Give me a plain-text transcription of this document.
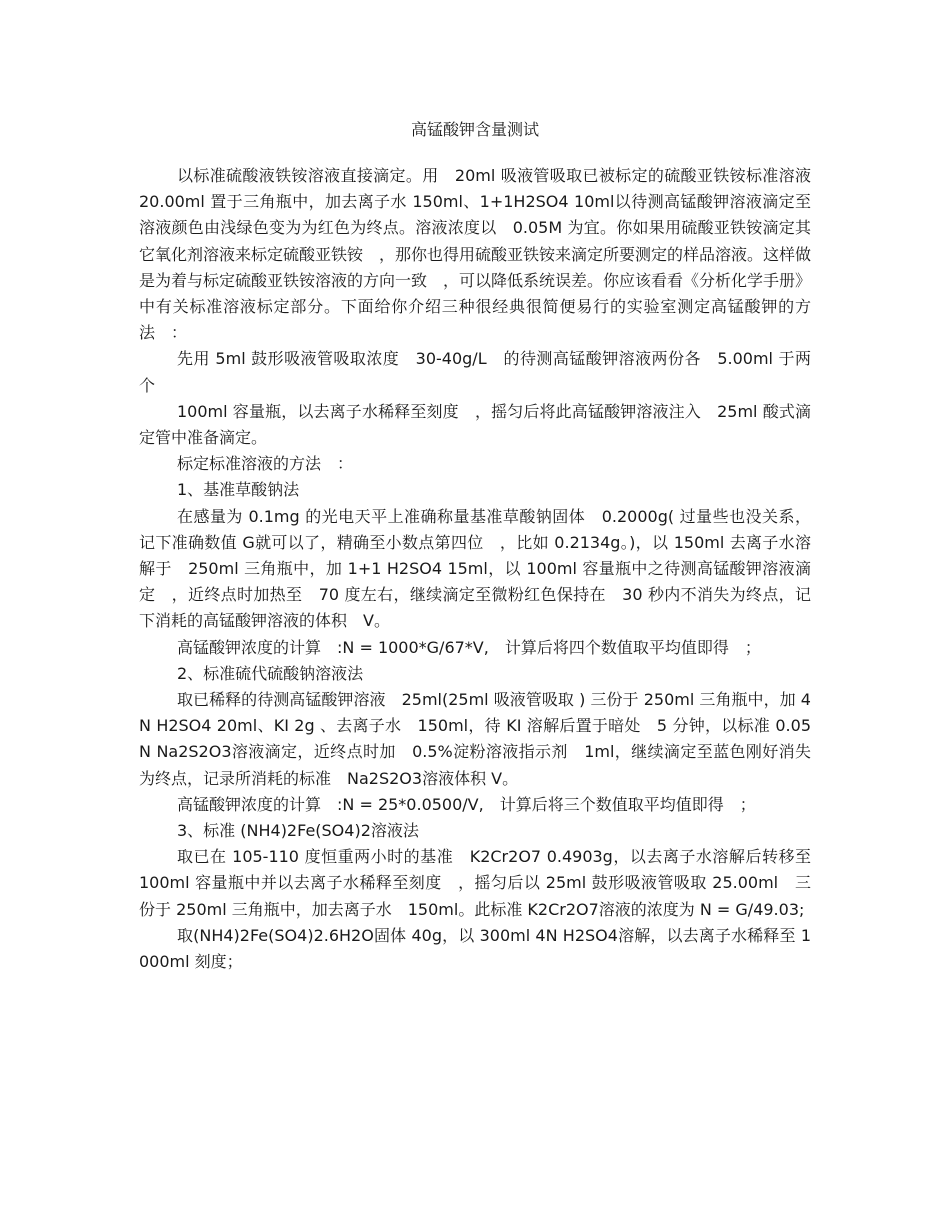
高锰酸钾含量测试

以标准硫酸液铁铵溶液直接滴定。用　20ml 吸液管吸取已被标定的硫酸亚铁铵标准溶液 20.00ml 置于三角瓶中，加去离子水 150ml、1+1H2SO4 10ml以待测高锰酸钾溶液滴定至溶液颜色由浅绿色变为为红色为终点。溶液浓度以　0.05M 为宜。你如果用硫酸亚铁铵滴定其它氧化剂溶液来标定硫酸亚铁铵　，那你也得用硫酸亚铁铵来滴定所要测定的样品溶液。这样做是为着与标定硫酸亚铁铵溶液的方向一致　，可以降低系统误差。你应该看看《分析化学手册》中有关标准溶液标定部分。下面给你介绍三种很经典很简便易行的实验室测定高锰酸钾的方法　：

先用 5ml 鼓形吸液管吸取浓度　30-40g/L　的待测高锰酸钾溶液两份各　5.00ml 于两个

100ml 容量瓶，以去离子水稀释至刻度　，摇匀后将此高锰酸钾溶液注入　25ml 酸式滴定管中准备滴定。

标定标准溶液的方法　：

1、基准草酸钠法

在感量为 0.1mg 的光电天平上准确称量基准草酸钠固体　0.2000g( 过量些也没关系，记下准确数值 G就可以了，精确至小数点第四位　，比如 0.2134g。)，以 150ml 去离子水溶解于　250ml 三角瓶中，加 1+1 H2SO4 15ml，以 100ml 容量瓶中之待测高锰酸钾溶液滴定　，近终点时加热至　70 度左右，继续滴定至微粉红色保持在　30 秒内不消失为终点，记下消耗的高锰酸钾溶液的体积　V。

高锰酸钾浓度的计算　:N = 1000*G/67*V,　计算后将四个数值取平均值即得　；

2、标准硫代硫酸钠溶液法

取已稀释的待测高锰酸钾溶液　25ml(25ml 吸液管吸取 ) 三份于 250ml 三角瓶中，加 4N H2SO4 20ml、KI 2g 、去离子水　150ml，待 KI 溶解后置于暗处　5 分钟，以标准 0.05N Na2S2O3溶液滴定，近终点时加　0.5%淀粉溶液指示剂　1ml，继续滴定至蓝色刚好消失为终点，记录所消耗的标准　Na2S2O3溶液体积 V。

高锰酸钾浓度的计算　:N = 25*0.0500/V,　计算后将三个数值取平均值即得　；

3、标准 (NH4)2Fe(SO4)2溶液法

取已在 105-110 度恒重两小时的基准　K2Cr2O7 0.4903g，以去离子水溶解后转移至 100ml 容量瓶中并以去离子水稀释至刻度　，摇匀后以 25ml 鼓形吸液管吸取 25.00ml　三份于 250ml 三角瓶中，加去离子水　150ml。此标准 K2Cr2O7溶液的浓度为 N = G/49.03;

取(NH4)2Fe(SO4)2.6H2O固体 40g，以 300ml 4N H2SO4溶解，以去离子水稀释至 1000ml 刻度；
